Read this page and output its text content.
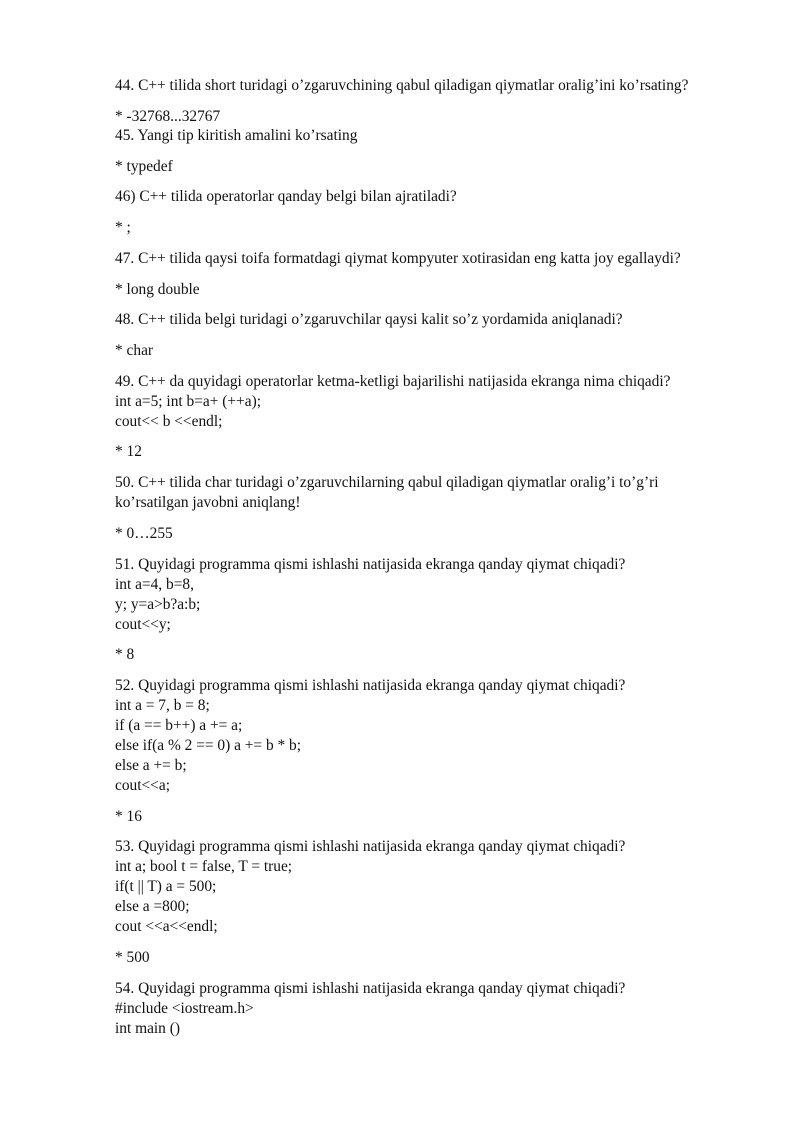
44. C++ tilida short turidagi o’zgaruvchining qabul qiladigan qiymatlar oralig’ini ko’rsating?
* -32768...32767
45. Yangi tip kiritish amalini ko’rsating
* typedef
46) C++ tilida operatorlar qanday belgi bilan ajratiladi?
* ;
47. C++ tilida qaysi toifa formatdagi qiymat kompyuter xotirasidan eng katta joy egallaydi?
* long double
48. C++ tilida belgi turidagi o’zgaruvchilar qaysi kalit so’z yordamida aniqlanadi?
* char
49. C++ da quyidagi operatorlar ketma-ketligi bajarilishi natijasida ekranga nima chiqadi?
int a=5; int b=a+ (++a);
cout<< b <<endl;
* 12
50. C++ tilida char turidagi o’zgaruvchilarning qabul qiladigan qiymatlar oralig’i to’g’ri
ko’rsatilgan javobni aniqlang!
* 0…255
51. Quyidagi programma qismi ishlashi natijasida ekranga qanday qiymat chiqadi?
int a=4, b=8,
y; y=a>b?a:b;
cout<<y;
* 8
52. Quyidagi programma qismi ishlashi natijasida ekranga qanday qiymat chiqadi?
int a = 7, b = 8;
if (a == b++) a += a;
else if(a % 2 == 0) a += b * b;
else a += b;
cout<<a;
* 16
53. Quyidagi programma qismi ishlashi natijasida ekranga qanday qiymat chiqadi?
int a; bool t = false, T = true;
if(t || T) a = 500;
else a =800;
cout <<a<<endl;
* 500
54. Quyidagi programma qismi ishlashi natijasida ekranga qanday qiymat chiqadi?
#include <iostream.h>
int main ()
